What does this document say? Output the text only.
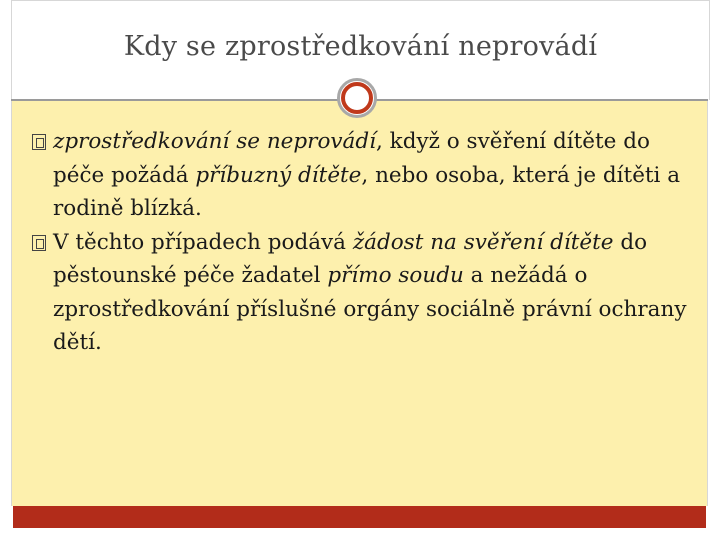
Kdy se zprostředkování neprovádí
zprostředkování se neprovádí, když o svěření dítěte do péče požádá příbuzný dítěte, nebo osoba, která je dítěti a rodině blízká.
V těchto případech podává žádost na svěření dítěte do pěstounské péče žadatel přímo soudu a nežádá o zprostředkování příslušné orgány sociálně právní ochrany dětí.
